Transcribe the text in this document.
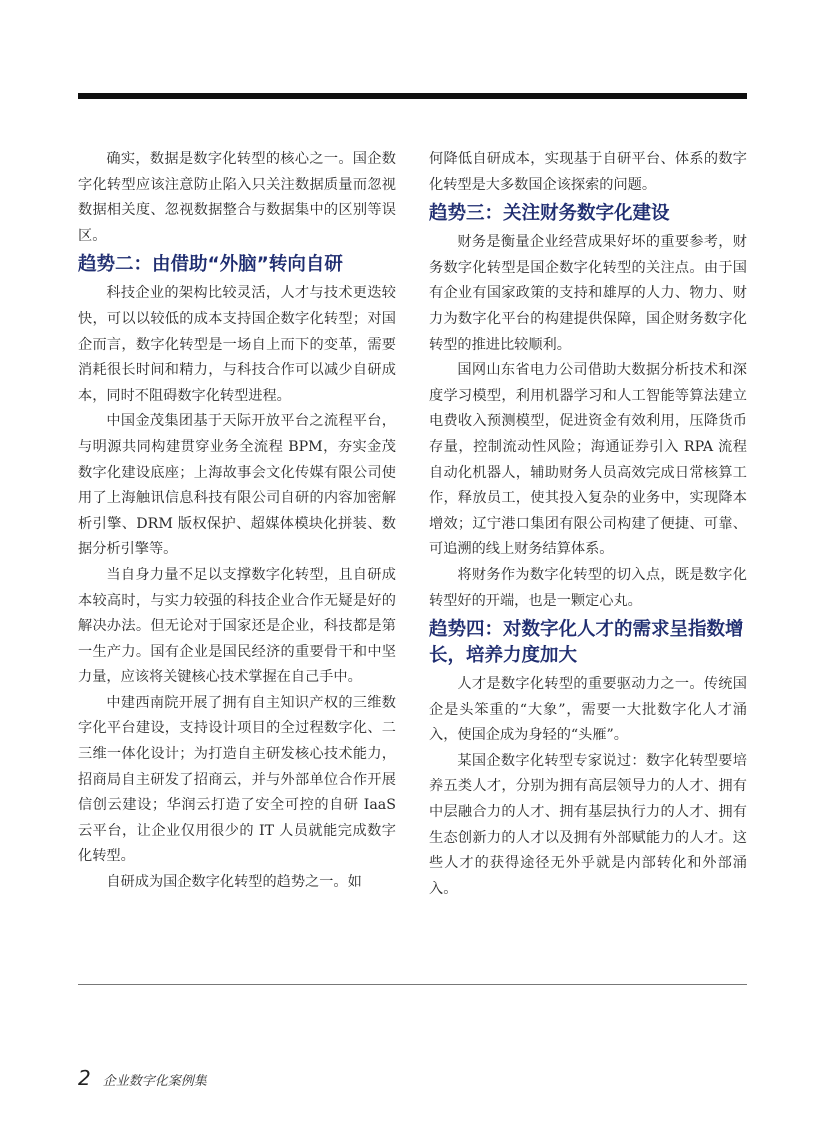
确实，数据是数字化转型的核心之一。国企数字化转型应该注意防止陷入只关注数据质量而忽视数据相关度、忽视数据整合与数据集中的区别等误区。

趋势二：由借助“外脑”转向自研

科技企业的架构比较灵活，人才与技术更迭较快，可以以较低的成本支持国企数字化转型；对国企而言，数字化转型是一场自上而下的变革，需要消耗很长时间和精力，与科技合作可以减少自研成本，同时不阻碍数字化转型进程。

中国金茂集团基于天际开放平台之流程平台，与明源共同构建贯穿业务全流程 BPM，夯实金茂数字化建设底座；上海故事会文化传媒有限公司使用了上海触讯信息科技有限公司自研的内容加密解析引擎、DRM 版权保护、超媒体模块化拼装、数据分析引擎等。

当自身力量不足以支撑数字化转型，且自研成本较高时，与实力较强的科技企业合作无疑是好的解决办法。但无论对于国家还是企业，科技都是第一生产力。国有企业是国民经济的重要骨干和中坚力量，应该将关键核心技术掌握在自己手中。

中建西南院开展了拥有自主知识产权的三维数字化平台建设，支持设计项目的全过程数字化、二三维一体化设计；为打造自主研发核心技术能力，招商局自主研发了招商云，并与外部单位合作开展信创云建设；华润云打造了安全可控的自研 IaaS 云平台，让企业仅用很少的 IT 人员就能完成数字化转型。

自研成为国企数字化转型的趋势之一。如

何降低自研成本，实现基于自研平台、体系的数字化转型是大多数国企该探索的问题。

趋势三：关注财务数字化建设

财务是衡量企业经营成果好坏的重要参考，财务数字化转型是国企数字化转型的关注点。由于国有企业有国家政策的支持和雄厚的人力、物力、财力为数字化平台的构建提供保障，国企财务数字化转型的推进比较顺利。

国网山东省电力公司借助大数据分析技术和深度学习模型，利用机器学习和人工智能等算法建立电费收入预测模型，促进资金有效利用，压降货币存量，控制流动性风险；海通证券引入 RPA 流程自动化机器人，辅助财务人员高效完成日常核算工作，释放员工，使其投入复杂的业务中，实现降本增效；辽宁港口集团有限公司构建了便捷、可靠、可追溯的线上财务结算体系。

将财务作为数字化转型的切入点，既是数字化转型好的开端，也是一颗定心丸。

趋势四：对数字化人才的需求呈指数增长，培养力度加大

人才是数字化转型的重要驱动力之一。传统国企是头笨重的“大象”，需要一大批数字化人才涌入，使国企成为身轻的“头雁”。

某国企数字化转型专家说过：数字化转型要培养五类人才，分别为拥有高层领导力的人才、拥有中层融合力的人才、拥有基层执行力的人才、拥有生态创新力的人才以及拥有外部赋能力的人才。这些人才的获得途径无外乎就是内部转化和外部涌入。

2 企业数字化案例集
